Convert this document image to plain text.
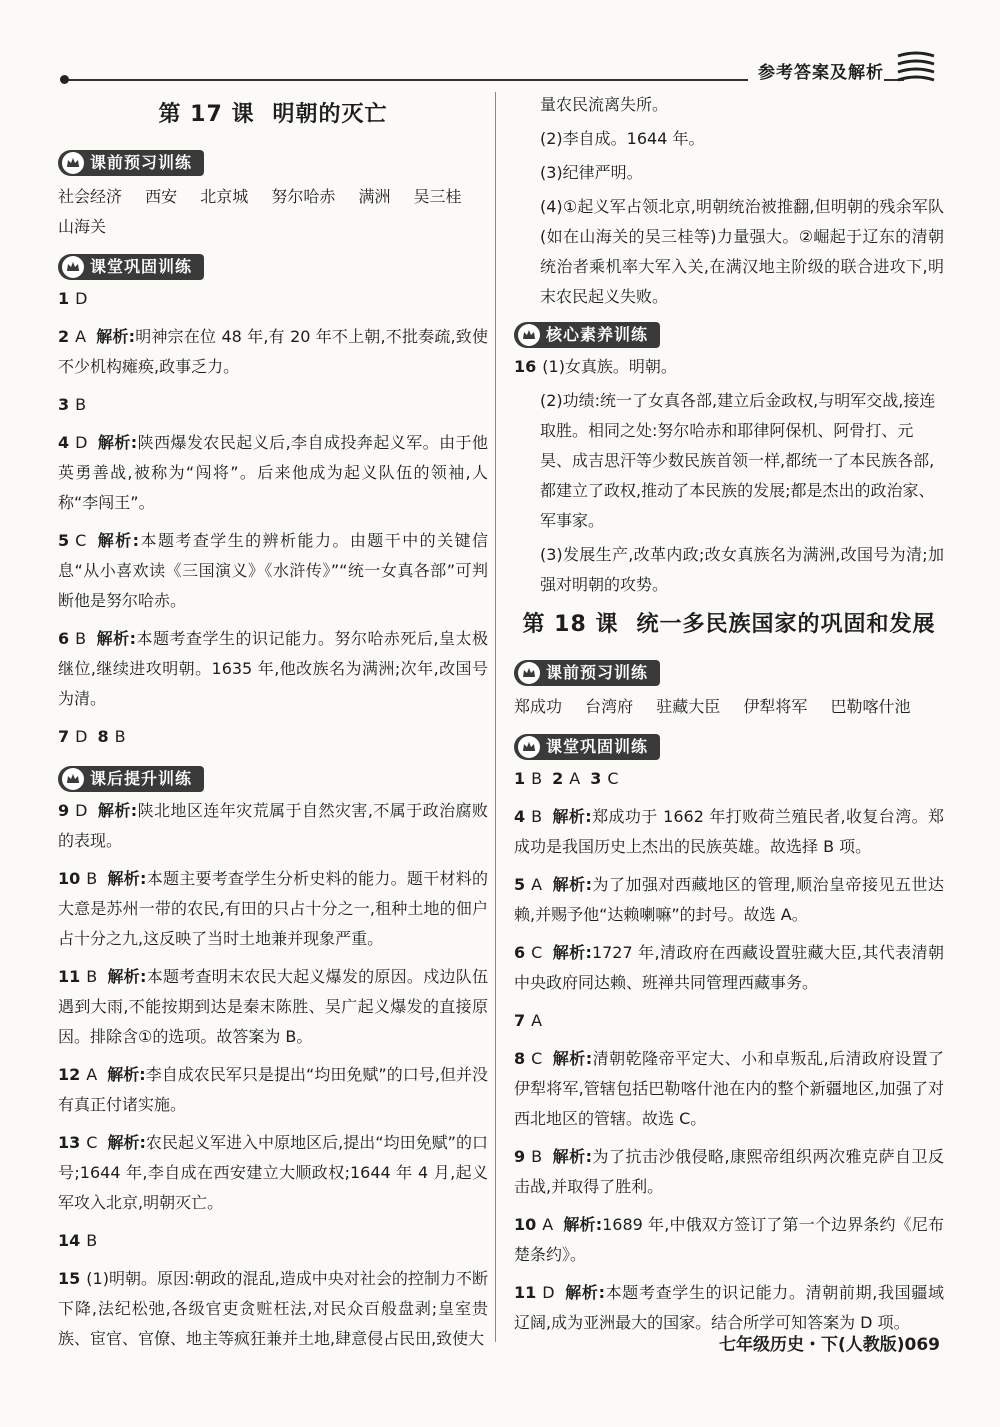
参考答案及解析
第 17 课 明朝的灭亡
课前预习训练
社会经济 西安 北京城 努尔哈赤 满洲 吴三桂 山海关
课堂巩固训练
1 D
2 A 解析:明神宗在位 48 年,有 20 年不上朝,不批奏疏,致使不少机构瘫痪,政事乏力。
3 B
4 D 解析:陕西爆发农民起义后,李自成投奔起义军。由于他英勇善战,被称为“闯将”。后来他成为起义队伍的领袖,人称“李闯王”。
5 C 解析:本题考查学生的辨析能力。由题干中的关键信息“从小喜欢读《三国演义》《水浒传》”“统一女真各部”可判断他是努尔哈赤。
6 B 解析:本题考查学生的识记能力。努尔哈赤死后,皇太极继位,继续进攻明朝。1635 年,他改族名为满洲;次年,改国号为清。
7 D 8 B
课后提升训练
9 D 解析:陕北地区连年灾荒属于自然灾害,不属于政治腐败的表现。
10 B 解析:本题主要考查学生分析史料的能力。题干材料的大意是苏州一带的农民,有田的只占十分之一,租种土地的佃户占十分之九,这反映了当时土地兼并现象严重。
11 B 解析:本题考查明末农民大起义爆发的原因。戍边队伍遇到大雨,不能按期到达是秦末陈胜、吴广起义爆发的直接原因。排除含①的选项。故答案为 B。
12 A 解析:李自成农民军只是提出“均田免赋”的口号,但并没有真正付诸实施。
13 C 解析:农民起义军进入中原地区后,提出“均田免赋”的口号;1644 年,李自成在西安建立大顺政权;1644 年 4 月,起义军攻入北京,明朝灭亡。
14 B
15 (1)明朝。原因:朝政的混乱,造成中央对社会的控制力不断下降,法纪松弛,各级官吏贪赃枉法,对民众百般盘剥;皇室贵族、宦官、官僚、地主等疯狂兼并土地,肆意侵占民田,致使大
量农民流离失所。
(2)李自成。1644 年。
(3)纪律严明。
(4)①起义军占领北京,明朝统治被推翻,但明朝的残余军队(如在山海关的吴三桂等)力量强大。②崛起于辽东的清朝统治者乘机率大军入关,在满汉地主阶级的联合进攻下,明末农民起义失败。
核心素养训练
16 (1)女真族。明朝。
(2)功绩:统一了女真各部,建立后金政权,与明军交战,接连取胜。相同之处:努尔哈赤和耶律阿保机、阿骨打、元昊、成吉思汗等少数民族首领一样,都统一了本民族各部,都建立了政权,推动了本民族的发展;都是杰出的政治家、军事家。
(3)发展生产,改革内政;改女真族名为满洲,改国号为清;加强对明朝的攻势。
第 18 课 统一多民族国家的巩固和发展
课前预习训练
郑成功 台湾府 驻藏大臣 伊犁将军 巴勒喀什池
课堂巩固训练
1 B 2 A 3 C
4 B 解析:郑成功于 1662 年打败荷兰殖民者,收复台湾。郑成功是我国历史上杰出的民族英雄。故选择 B 项。
5 A 解析:为了加强对西藏地区的管理,顺治皇帝接见五世达赖,并赐予他“达赖喇嘛”的封号。故选 A。
6 C 解析:1727 年,清政府在西藏设置驻藏大臣,其代表清朝中央政府同达赖、班禅共同管理西藏事务。
7 A
8 C 解析:清朝乾隆帝平定大、小和卓叛乱,后清政府设置了伊犁将军,管辖包括巴勒喀什池在内的整个新疆地区,加强了对西北地区的管辖。故选 C。
9 B 解析:为了抗击沙俄侵略,康熙帝组织两次雅克萨自卫反击战,并取得了胜利。
10 A 解析:1689 年,中俄双方签订了第一个边界条约《尼布楚条约》。
11 D 解析:本题考查学生的识记能力。清朝前期,我国疆域辽阔,成为亚洲最大的国家。结合所学可知答案为 D 项。
七年级历史・下(人教版)069
